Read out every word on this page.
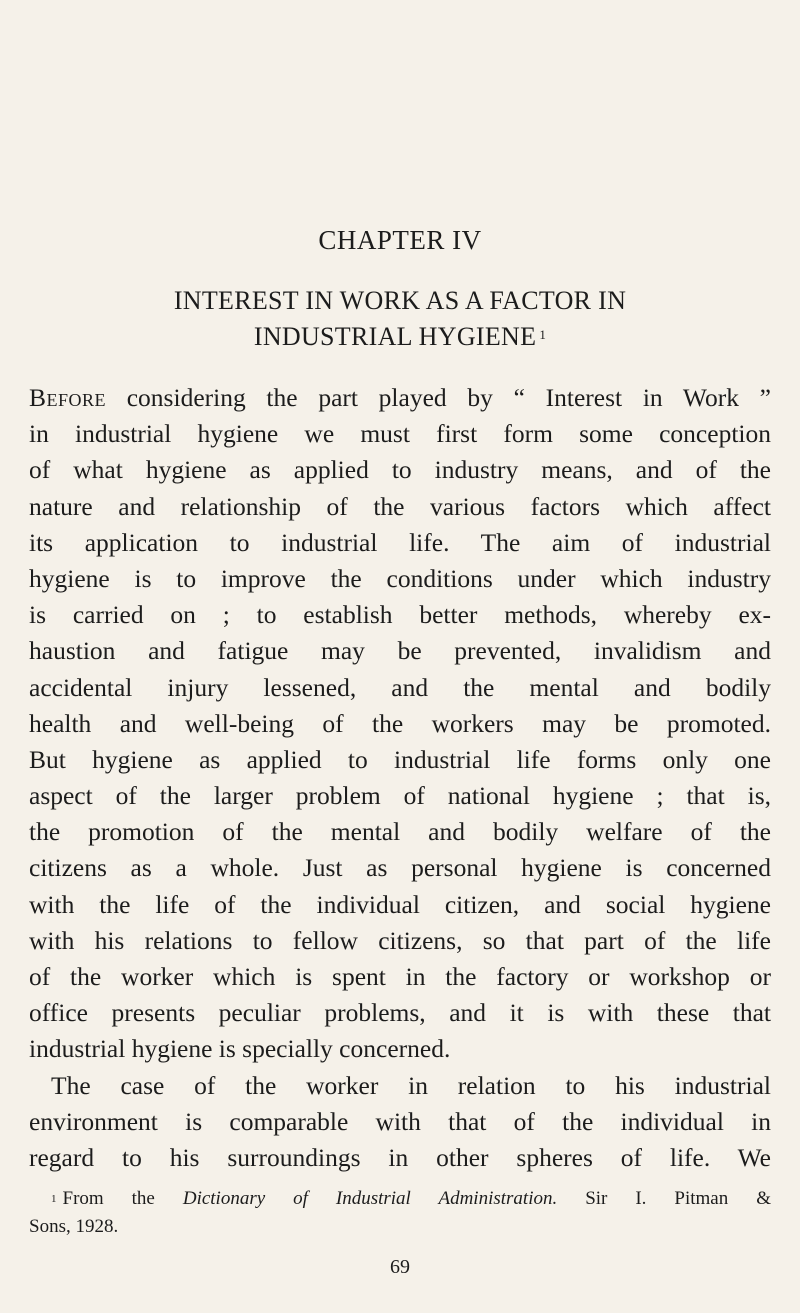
CHAPTER IV
INTEREST IN WORK AS A FACTOR IN
INDUSTRIAL HYGIENE $^1$
Before considering the part played by “ Interest in Work ”
in industrial hygiene we must first form some conception
of what hygiene as applied to industry means, and of the
nature and relationship of the various factors which affect
its application to industrial life. The aim of industrial
hygiene is to improve the conditions under which industry
is carried on ; to establish better methods, whereby ex-
haustion and fatigue may be prevented, invalidism and
accidental injury lessened, and the mental and bodily
health and well-being of the workers may be promoted.
But hygiene as applied to industrial life forms only one
aspect of the larger problem of national hygiene ; that is,
the promotion of the mental and bodily welfare of the
citizens as a whole. Just as personal hygiene is concerned
with the life of the individual citizen, and social hygiene
with his relations to fellow citizens, so that part of the life
of the worker which is spent in the factory or workshop or
office presents peculiar problems, and it is with these that
industrial hygiene is specially concerned.
The case of the worker in relation to his industrial
environment is comparable with that of the individual in
regard to his surroundings in other spheres of life. We
$^1$ From the Dictionary of Industrial Administration. Sir I. Pitman &
Sons, 1928.
69
